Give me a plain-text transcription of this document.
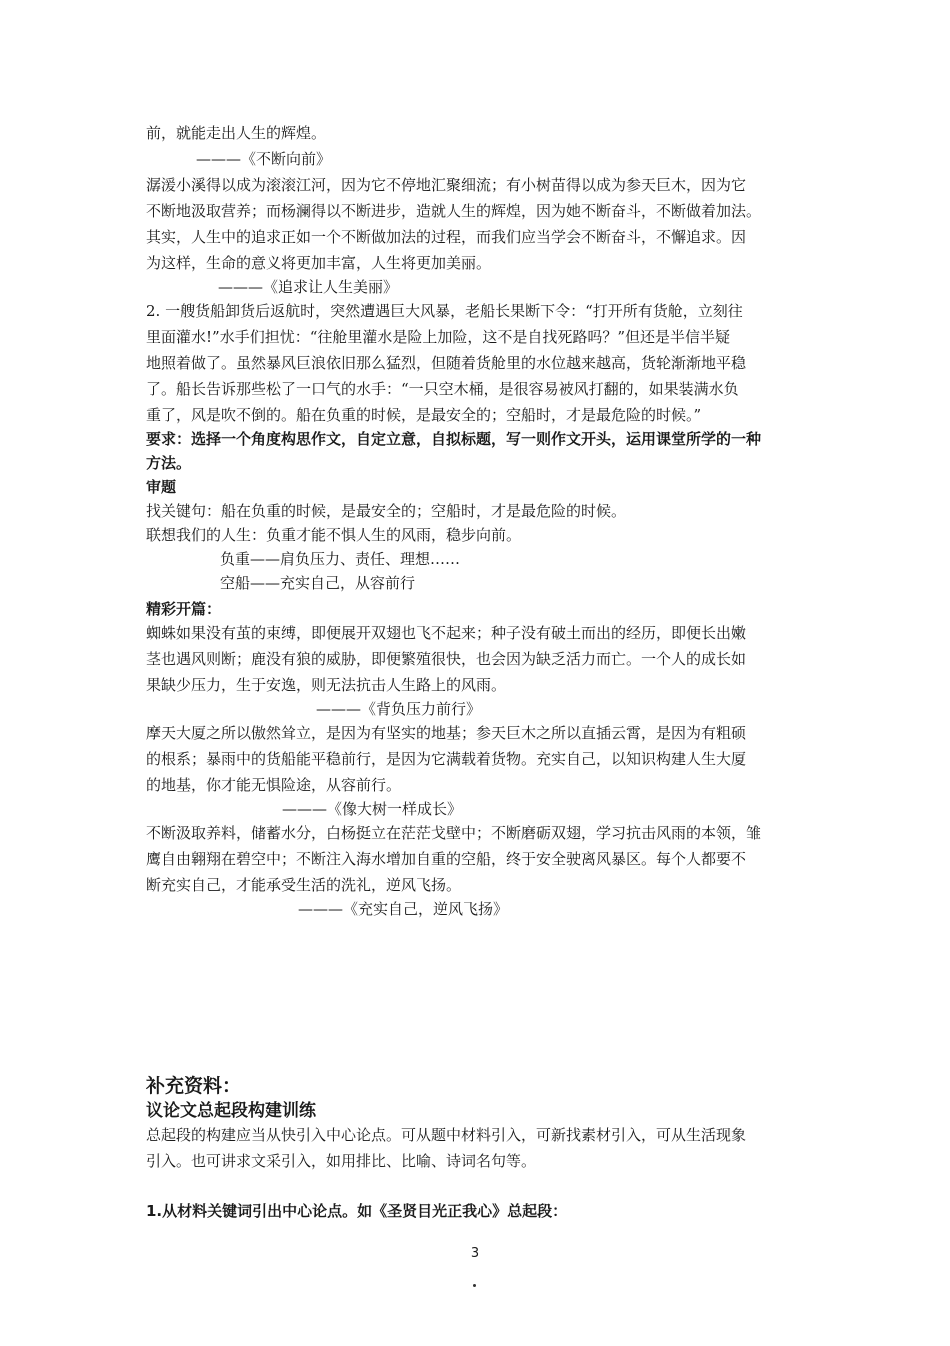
前，就能走出人生的辉煌。
———《不断向前》
潺湲小溪得以成为滚滚江河，因为它不停地汇聚细流；有小树苗得以成为参天巨木，因为它
不断地汲取营养；而杨澜得以不断进步，造就人生的辉煌，因为她不断奋斗，不断做着加法。
其实，人生中的追求正如一个不断做加法的过程，而我们应当学会不断奋斗，不懈追求。因
为这样，生命的意义将更加丰富，人生将更加美丽。
———《追求让人生美丽》
2. 一艘货船卸货后返航时，突然遭遇巨大风暴，老船长果断下令：“打开所有货舱，立刻往
里面灌水!”水手们担忧：“往舱里灌水是险上加险，这不是自找死路吗？”但还是半信半疑
地照着做了。虽然暴风巨浪依旧那么猛烈，但随着货舱里的水位越来越高，货轮渐渐地平稳
了。船长告诉那些松了一口气的水手：“一只空木桶，是很容易被风打翻的，如果装满水负
重了，风是吹不倒的。船在负重的时候，是最安全的；空船时，才是最危险的时候。”
要求：选择一个角度构思作文，自定立意，自拟标题，写一则作文开头，运用课堂所学的一种
方法。
审题
找关键句：船在负重的时候，是最安全的；空船时，才是最危险的时候。
联想我们的人生：负重才能不惧人生的风雨，稳步向前。
负重——肩负压力、责任、理想……
空船——充实自己，从容前行
精彩开篇：
蜘蛛如果没有茧的束缚，即便展开双翅也飞不起来；种子没有破土而出的经历，即便长出嫩
茎也遇风则断；鹿没有狼的威胁，即便繁殖很快，也会因为缺乏活力而亡。一个人的成长如
果缺少压力，生于安逸，则无法抗击人生路上的风雨。
———《背负压力前行》
摩天大厦之所以傲然耸立，是因为有坚实的地基；参天巨木之所以直插云霄，是因为有粗硕
的根系；暴雨中的货船能平稳前行，是因为它满载着货物。充实自己，以知识构建人生大厦
的地基，你才能无惧险途，从容前行。
———《像大树一样成长》
不断汲取养料，储蓄水分，白杨挺立在茫茫戈壁中；不断磨砺双翅，学习抗击风雨的本领，雏
鹰自由翱翔在碧空中；不断注入海水增加自重的空船，终于安全驶离风暴区。每个人都要不
断充实自己，才能承受生活的洗礼，逆风飞扬。
———《充实自己，逆风飞扬》
补充资料：
议论文总起段构建训练
总起段的构建应当从快引入中心论点。可从题中材料引入，可新找素材引入，可从生活现象
引入。也可讲求文采引入，如用排比、比喻、诗词名句等。
1.从材料关键词引出中心论点。如《圣贤目光正我心》总起段：
3
